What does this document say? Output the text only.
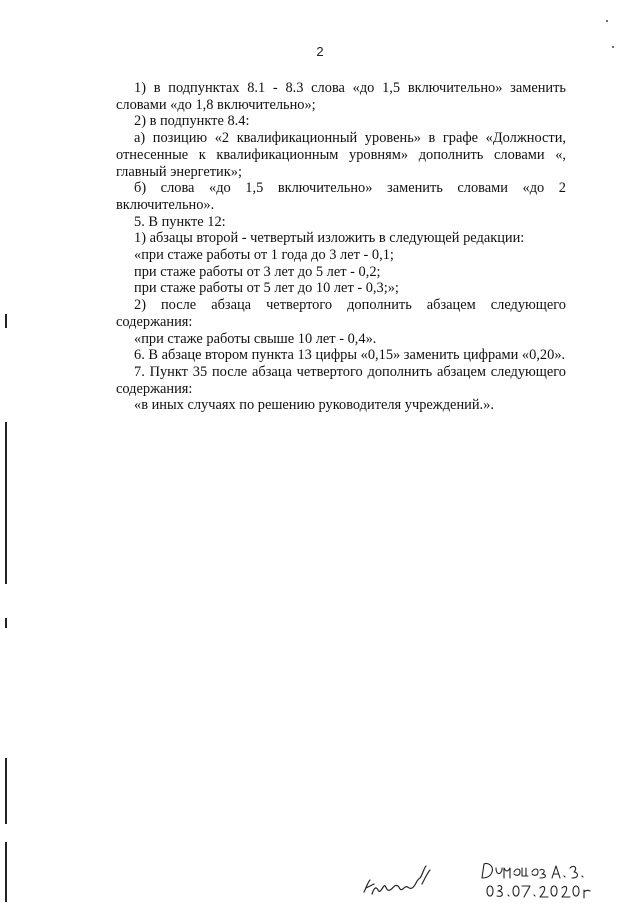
2

1) в подпунктах 8.1 - 8.3 слова «до 1,5 включительно» заменить словами «до 1,8 включительно»;

2) в подпункте 8.4:

а) позицию «2 квалификационный уровень» в графе «Должности, отнесенные к квалификационным уровням» дополнить словами «, главный энергетик»;

б) слова «до 1,5 включительно» заменить словами «до 2 включительно».

5. В пункте 12:

1) абзацы второй - четвертый изложить в следующей редакции:

«при стаже работы от 1 года до 3 лет - 0,1;

при стаже работы от 3 лет до 5 лет - 0,2;

при стаже работы от 5 лет до 10 лет - 0,3;»;

2) после абзаца четвертого дополнить абзацем следующего содержания:

«при стаже работы свыше 10 лет - 0,4».

6. В абзаце втором пункта 13 цифры «0,15» заменить цифрами «0,20».

7. Пункт 35 после абзаца четвертого дополнить абзацем следующего содержания:

«в иных случаях по решению руководителя учреждений.».
